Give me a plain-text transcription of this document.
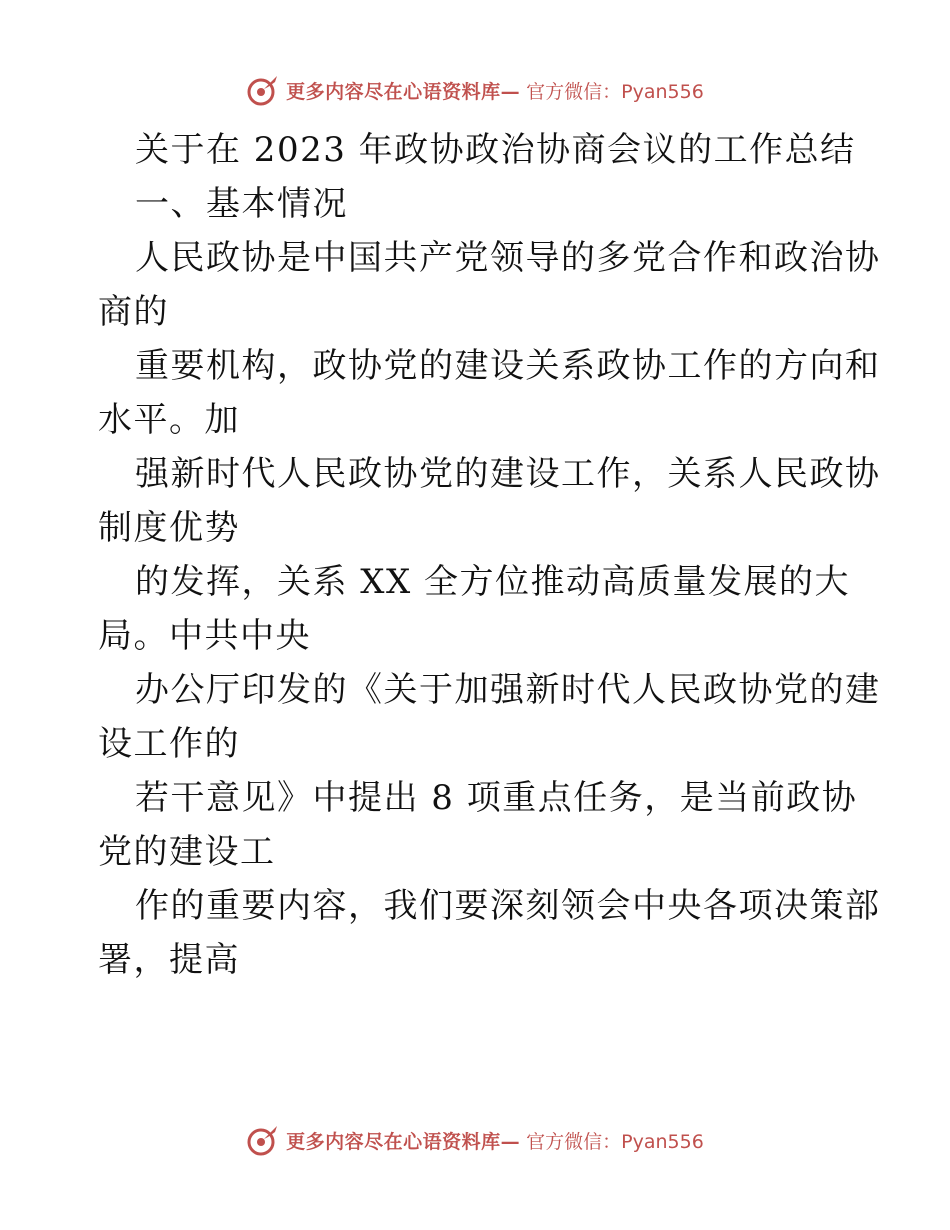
更多内容尽在心语资料库— 官方微信：Pyan556
关于在 2023 年政协政治协商会议的工作总结
一、基本情况
人民政协是中国共产党领导的多党合作和政治协
商的
重要机构，政协党的建设关系政协工作的方向和
水平。加
强新时代人民政协党的建设工作，关系人民政协
制度优势
的发挥，关系 XX 全方位推动高质量发展的大
局。中共中央
办公厅印发的《关于加强新时代人民政协党的建
设工作的
若干意见》中提出 8 项重点任务，是当前政协
党的建设工
作的重要内容，我们要深刻领会中央各项决策部
署，提高
更多内容尽在心语资料库— 官方微信：Pyan556
